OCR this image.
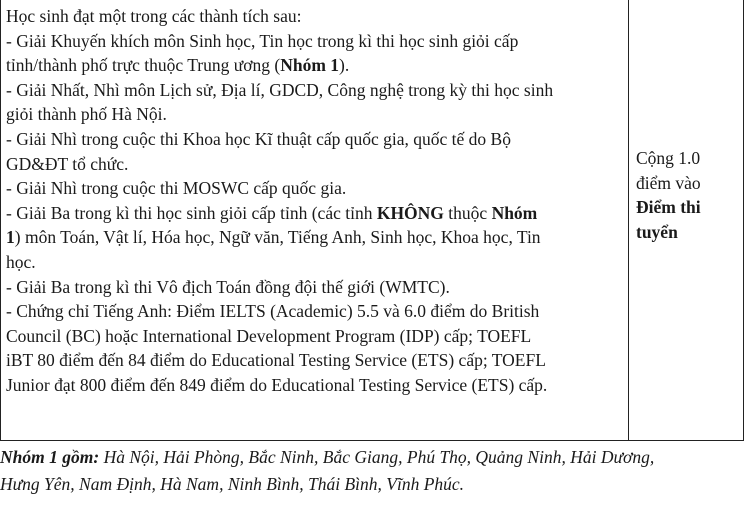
Học sinh đạt một trong các thành tích sau:

- Giải Khuyến khích môn Sinh học, Tin học trong kì thi học sinh giỏi cấp

tỉnh/thành phố trực thuộc Trung ương (Nhóm 1).

- Giải Nhất, Nhì môn Lịch sử, Địa lí, GDCD, Công nghệ trong kỳ thi học sinh

giỏi thành phố Hà Nội.

- Giải Nhì trong cuộc thi Khoa học Kĩ thuật cấp quốc gia, quốc tế do Bộ

GD&ĐT tổ chức.

- Giải Nhì trong cuộc thi MOSWC cấp quốc gia.

- Giải Ba trong kì thi học sinh giỏi cấp tỉnh (các tỉnh KHÔNG thuộc Nhóm

1) môn Toán, Vật lí, Hóa học, Ngữ văn, Tiếng Anh, Sinh học, Khoa học, Tin

học.

- Giải Ba trong kì thi Vô địch Toán đồng đội thế giới (WMTC).

- Chứng chỉ Tiếng Anh: Điểm IELTS (Academic) 5.5 và 6.0 điểm do British

Council (BC) hoặc International Development Program (IDP) cấp; TOEFL

iBT 80 điểm đến 84 điểm do Educational Testing Service (ETS) cấp; TOEFL

Junior đạt 800 điểm đến 849 điểm do Educational Testing Service (ETS) cấp.

Cộng 1.0

điểm vào

Điểm thi

tuyển

Nhóm 1 gồm: Hà Nội, Hải Phòng, Bắc Ninh, Bắc Giang, Phú Thọ, Quảng Ninh, Hải Dương,

Hưng Yên, Nam Định, Hà Nam, Ninh Bình, Thái Bình, Vĩnh Phúc.
